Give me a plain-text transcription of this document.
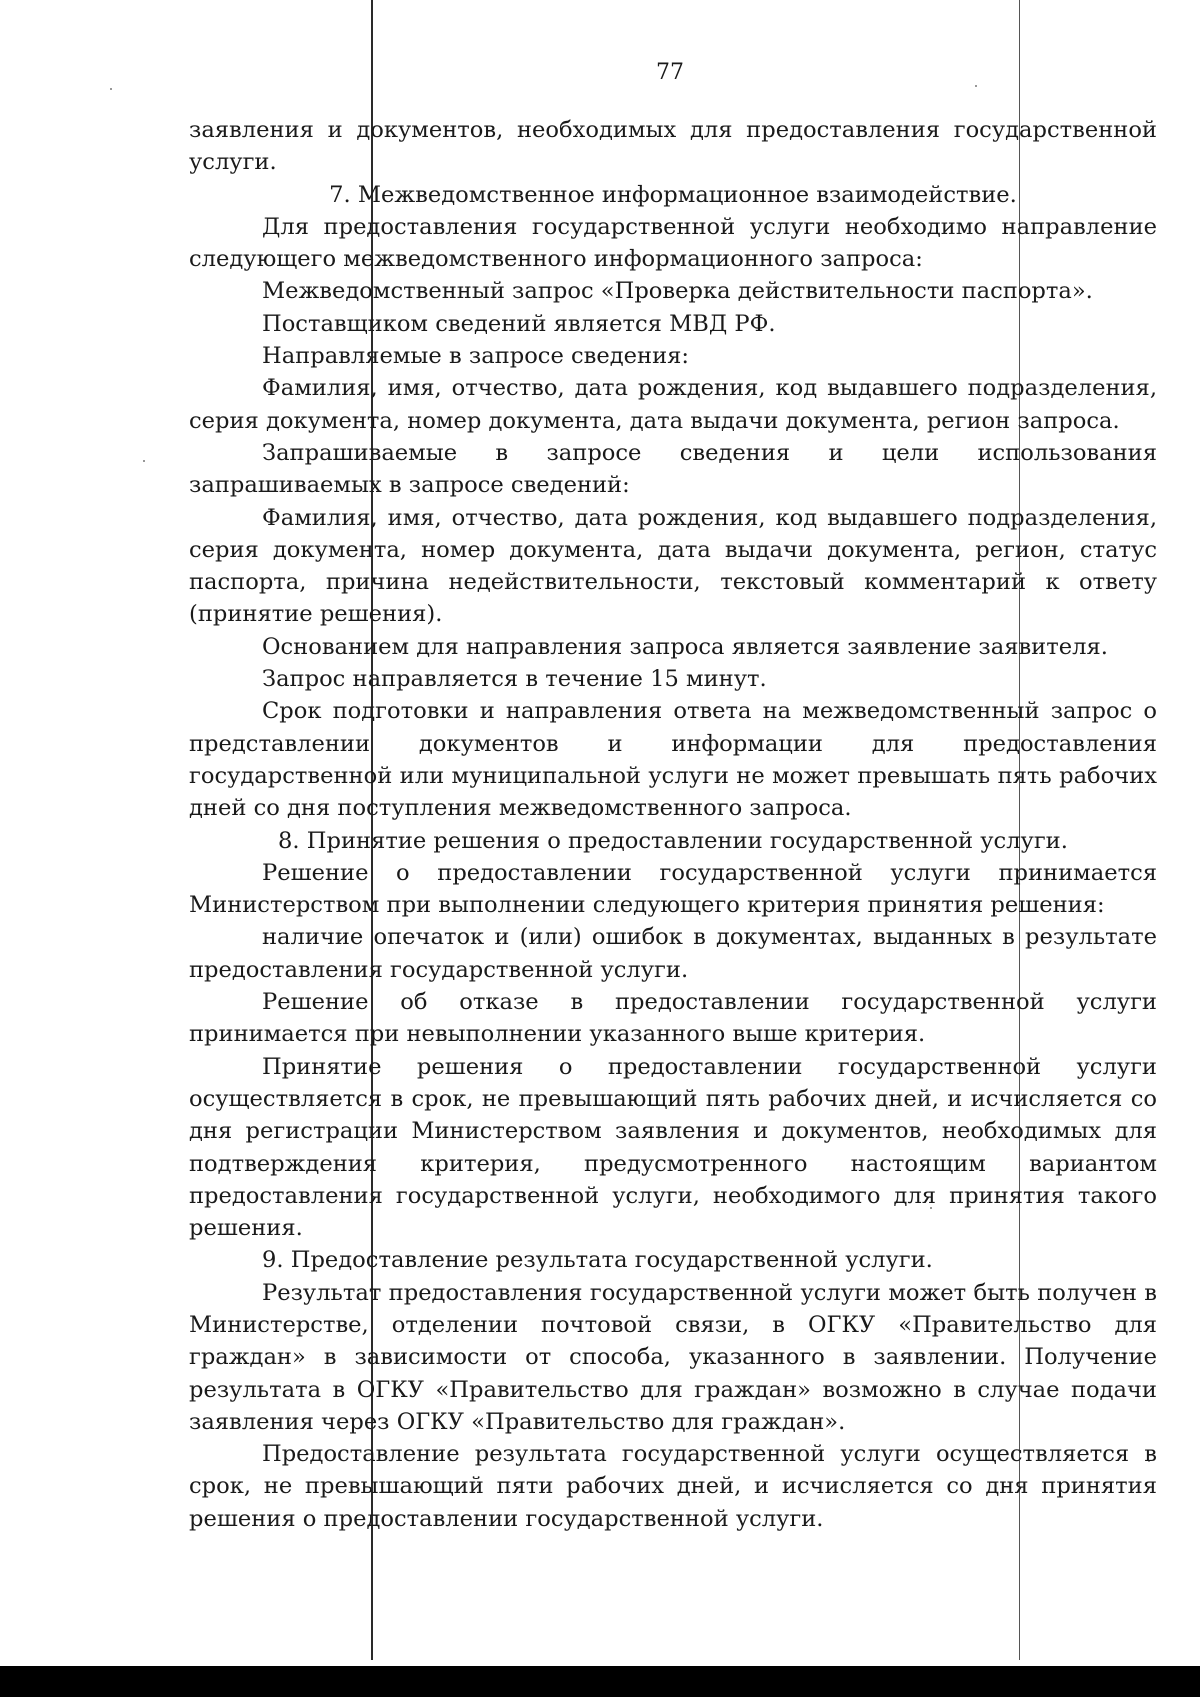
77

заявления и документов, необходимых для предоставления государственной услуги.

7. Межведомственное информационное взаимодействие.

Для предоставления государственной услуги необходимо направление следующего межведомственного информационного запроса:

Межведомственный запрос «Проверка действительности паспорта».

Поставщиком сведений является МВД РФ.

Направляемые в запросе сведения:

Фамилия, имя, отчество, дата рождения, код выдавшего подразделения, серия документа, номер документа, дата выдачи документа, регион запроса.

Запрашиваемые в запросе сведения и цели использования запрашиваемых в запросе сведений:

Фамилия, имя, отчество, дата рождения, код выдавшего подразделения, серия документа, номер документа, дата выдачи документа, регион, статус паспорта, причина недействительности, текстовый комментарий к ответу (принятие решения).

Основанием для направления запроса является заявление заявителя.

Запрос направляется в течение 15 минут.

Срок подготовки и направления ответа на межведомственный запрос о представлении документов и информации для предоставления государственной или муниципальной услуги не может превышать пять рабочих дней со дня поступления межведомственного запроса.

8. Принятие решения о предоставлении государственной услуги.

Решение о предоставлении государственной услуги принимается Министерством при выполнении следующего критерия принятия решения:

наличие опечаток и (или) ошибок в документах, выданных в результате предоставления государственной услуги.

Решение об отказе в предоставлении государственной услуги принимается при невыполнении указанного выше критерия.

Принятие решения о предоставлении государственной услуги осуществляется в срок, не превышающий пять рабочих дней, и исчисляется со дня регистрации Министерством заявления и документов, необходимых для подтверждения критерия, предусмотренного настоящим вариантом предоставления государственной услуги, необходимого для принятия такого решения.

9. Предоставление результата государственной услуги.

Результат предоставления государственной услуги может быть получен в Министерстве, отделении почтовой связи, в ОГКУ «Правительство для граждан» в зависимости от способа, указанного в заявлении. Получение результата в ОГКУ «Правительство для граждан» возможно в случае подачи заявления через ОГКУ «Правительство для граждан».

Предоставление результата государственной услуги осуществляется в срок, не превышающий пяти рабочих дней, и исчисляется со дня принятия решения о предоставлении государственной услуги.
